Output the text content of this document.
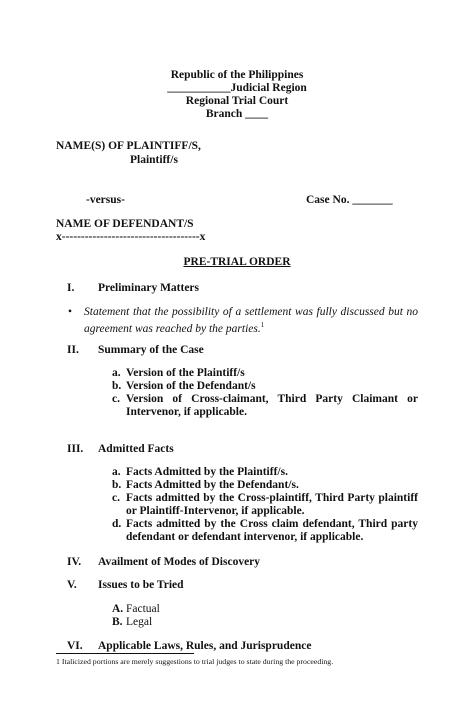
Republic of the Philippines
___________Judicial Region
Regional Trial Court
Branch ____
NAME(S) OF PLAINTIFF/S,
Plaintiff/s
-versus-	Case No. _______
NAME OF DEFENDANT/S
x------------------------------------x
PRE-TRIAL ORDER
I. Preliminary Matters
• Statement that the possibility of a settlement was fully discussed but no agreement was reached by the parties.$^1$
II. Summary of the Case
a. Version of the Plaintiff/s
b. Version of the Defendant/s
c. Version of Cross-claimant, Third Party Claimant or Intervenor, if applicable.
III. Admitted Facts
a. Facts Admitted by the Plaintiff/s.
b. Facts Admitted by the Defendant/s.
c. Facts admitted by the Cross-plaintiff, Third Party plaintiff or Plaintiff-Intervenor, if applicable.
d. Facts admitted by the Cross claim defendant, Third party defendant or defendant intervenor, if applicable.
IV. Availment of Modes of Discovery
V. Issues to be Tried
A. Factual
B. Legal
VI. Applicable Laws, Rules, and Jurisprudence
1 Italicized portions are merely suggestions to trial judges to state during the proceeding.
